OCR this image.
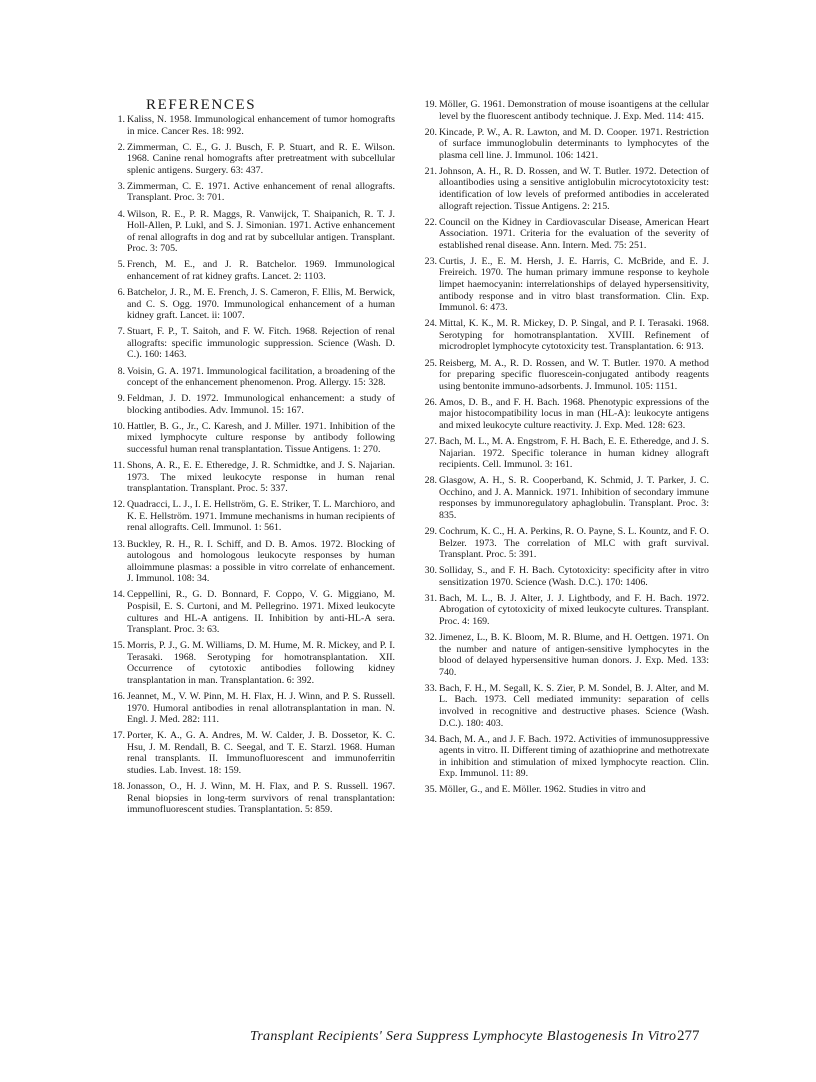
REFERENCES
1. Kaliss, N. 1958. Immunological enhancement of tumor homografts in mice. Cancer Res. 18: 992.
2. Zimmerman, C. E., G. J. Busch, F. P. Stuart, and R. E. Wilson. 1968. Canine renal homografts after pretreatment with subcellular splenic antigens. Surgery. 63: 437.
3. Zimmerman, C. E. 1971. Active enhancement of renal allografts. Transplant. Proc. 3: 701.
4. Wilson, R. E., P. R. Maggs, R. Vanwijck, T. Shaipanich, R. T. J. Holl-Allen, P. Lukl, and S. J. Simonian. 1971. Active enhancement of renal allografts in dog and rat by subcellular antigen. Transplant. Proc. 3: 705.
5. French, M. E., and J. R. Batchelor. 1969. Immunological enhancement of rat kidney grafts. Lancet. 2: 1103.
6. Batchelor, J. R., M. E. French, J. S. Cameron, F. Ellis, M. Berwick, and C. S. Ogg. 1970. Immunological enhancement of a human kidney graft. Lancet. ii: 1007.
7. Stuart, F. P., T. Saitoh, and F. W. Fitch. 1968. Rejection of renal allografts: specific immunologic suppression. Science (Wash. D. C.). 160: 1463.
8. Voisin, G. A. 1971. Immunological facilitation, a broadening of the concept of the enhancement phenomenon. Prog. Allergy. 15: 328.
9. Feldman, J. D. 1972. Immunological enhancement: a study of blocking antibodies. Adv. Immunol. 15: 167.
10. Hattler, B. G., Jr., C. Karesh, and J. Miller. 1971. Inhibition of the mixed lymphocyte culture response by antibody following successful human renal transplantation. Tissue Antigens. 1: 270.
11. Shons, A. R., E. E. Etheredge, J. R. Schmidtke, and J. S. Najarian. 1973. The mixed leukocyte response in human renal transplantation. Transplant. Proc. 5: 337.
12. Quadracci, L. J., I. E. Hellström, G. E. Striker, T. L. Marchioro, and K. E. Hellström. 1971. Immune mechanisms in human recipients of renal allografts. Cell. Immunol. 1: 561.
13. Buckley, R. H., R. I. Schiff, and D. B. Amos. 1972. Blocking of autologous and homologous leukocyte responses by human alloimmune plasmas: a possible in vitro correlate of enhancement. J. Immunol. 108: 34.
14. Ceppellini, R., G. D. Bonnard, F. Coppo, V. G. Miggiano, M. Pospisil, E. S. Curtoni, and M. Pellegrino. 1971. Mixed leukocyte cultures and HL-A antigens. II. Inhibition by anti-HL-A sera. Transplant. Proc. 3: 63.
15. Morris, P. J., G. M. Williams, D. M. Hume, M. R. Mickey, and P. I. Terasaki. 1968. Serotyping for homotransplantation. XII. Occurrence of cytotoxic antibodies following kidney transplantation in man. Transplantation. 6: 392.
16. Jeannet, M., V. W. Pinn, M. H. Flax, H. J. Winn, and P. S. Russell. 1970. Humoral antibodies in renal allotransplantation in man. N. Engl. J. Med. 282: 111.
17. Porter, K. A., G. A. Andres, M. W. Calder, J. B. Dossetor, K. C. Hsu, J. M. Rendall, B. C. Seegal, and T. E. Starzl. 1968. Human renal transplants. II. Immunofluorescent and immunoferritin studies. Lab. Invest. 18: 159.
18. Jonasson, O., H. J. Winn, M. H. Flax, and P. S. Russell. 1967. Renal biopsies in long-term survivors of renal transplantation: immunofluorescent studies. Transplantation. 5: 859.
19. Möller, G. 1961. Demonstration of mouse isoantigens at the cellular level by the fluorescent antibody technique. J. Exp. Med. 114: 415.
20. Kincade, P. W., A. R. Lawton, and M. D. Cooper. 1971. Restriction of surface immunoglobulin determinants to lymphocytes of the plasma cell line. J. Immunol. 106: 1421.
21. Johnson, A. H., R. D. Rossen, and W. T. Butler. 1972. Detection of alloantibodies using a sensitive antiglobulin microcytotoxicity test: identification of low levels of preformed antibodies in accelerated allograft rejection. Tissue Antigens. 2: 215.
22. Council on the Kidney in Cardiovascular Disease, American Heart Association. 1971. Criteria for the evaluation of the severity of established renal disease. Ann. Intern. Med. 75: 251.
23. Curtis, J. E., E. M. Hersh, J. E. Harris, C. McBride, and E. J. Freireich. 1970. The human primary immune response to keyhole limpet haemocyanin: interrelationships of delayed hypersensitivity, antibody response and in vitro blast transformation. Clin. Exp. Immunol. 6: 473.
24. Mittal, K. K., M. R. Mickey, D. P. Singal, and P. I. Terasaki. 1968. Serotyping for homotransplantation. XVIII. Refinement of microdroplet lymphocyte cytotoxicity test. Transplantation. 6: 913.
25. Reisberg, M. A., R. D. Rossen, and W. T. Butler. 1970. A method for preparing specific fluorescein-conjugated antibody reagents using bentonite immuno-adsorbents. J. Immunol. 105: 1151.
26. Amos, D. B., and F. H. Bach. 1968. Phenotypic expressions of the major histocompatibility locus in man (HL-A): leukocyte antigens and mixed leukocyte culture reactivity. J. Exp. Med. 128: 623.
27. Bach, M. L., M. A. Engstrom, F. H. Bach, E. E. Etheredge, and J. S. Najarian. 1972. Specific tolerance in human kidney allograft recipients. Cell. Immunol. 3: 161.
28. Glasgow, A. H., S. R. Cooperband, K. Schmid, J. T. Parker, J. C. Occhino, and J. A. Mannick. 1971. Inhibition of secondary immune responses by immunoregulatory aphaglobulin. Transplant. Proc. 3: 835.
29. Cochrum, K. C., H. A. Perkins, R. O. Payne, S. L. Kountz, and F. O. Belzer. 1973. The correlation of MLC with graft survival. Transplant. Proc. 5: 391.
30. Solliday, S., and F. H. Bach. Cytotoxicity: specificity after in vitro sensitization 1970. Science (Wash. D.C.). 170: 1406.
31. Bach, M. L., B. J. Alter, J. J. Lightbody, and F. H. Bach. 1972. Abrogation of cytotoxicity of mixed leukocyte cultures. Transplant. Proc. 4: 169.
32. Jimenez, L., B. K. Bloom, M. R. Blume, and H. Oettgen. 1971. On the number and nature of antigen-sensitive lymphocytes in the blood of delayed hypersensitive human donors. J. Exp. Med. 133: 740.
33. Bach, F. H., M. Segall, K. S. Zier, P. M. Sondel, B. J. Alter, and M. L. Bach. 1973. Cell mediated immunity: separation of cells involved in recognitive and destructive phases. Science (Wash. D.C.). 180: 403.
34. Bach, M. A., and J. F. Bach. 1972. Activities of immunosuppressive agents in vitro. II. Different timing of azathioprine and methotrexate in inhibition and stimulation of mixed lymphocyte reaction. Clin. Exp. Immunol. 11: 89.
35. Möller, G., and E. Möller. 1962. Studies in vitro and
Transplant Recipients' Sera Suppress Lymphocyte Blastogenesis In Vitro 277
